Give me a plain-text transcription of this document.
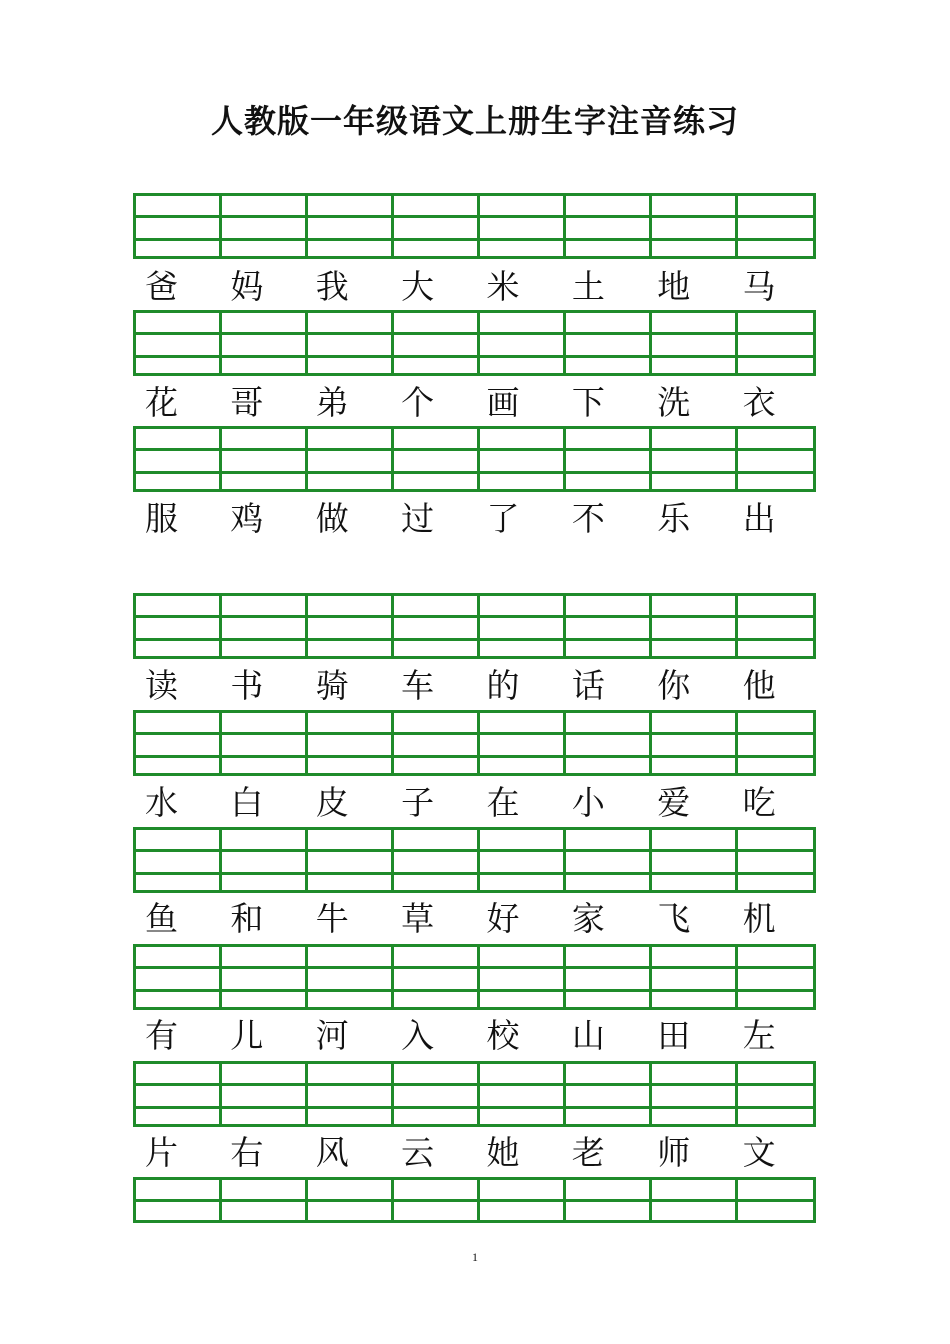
人教版一年级语文上册生字注音练习
爸	妈	我	大	米	土	地	马
花	哥	弟	个	画	下	洗	衣
服	鸡	做	过	了	不	乐	出
读	书	骑	车	的	话	你	他
水	白	皮	子	在	小	爱	吃
鱼	和	牛	草	好	家	飞	机
有	儿	河	入	校	山	田	左
片	右	风	云	她	老	师	文
1
